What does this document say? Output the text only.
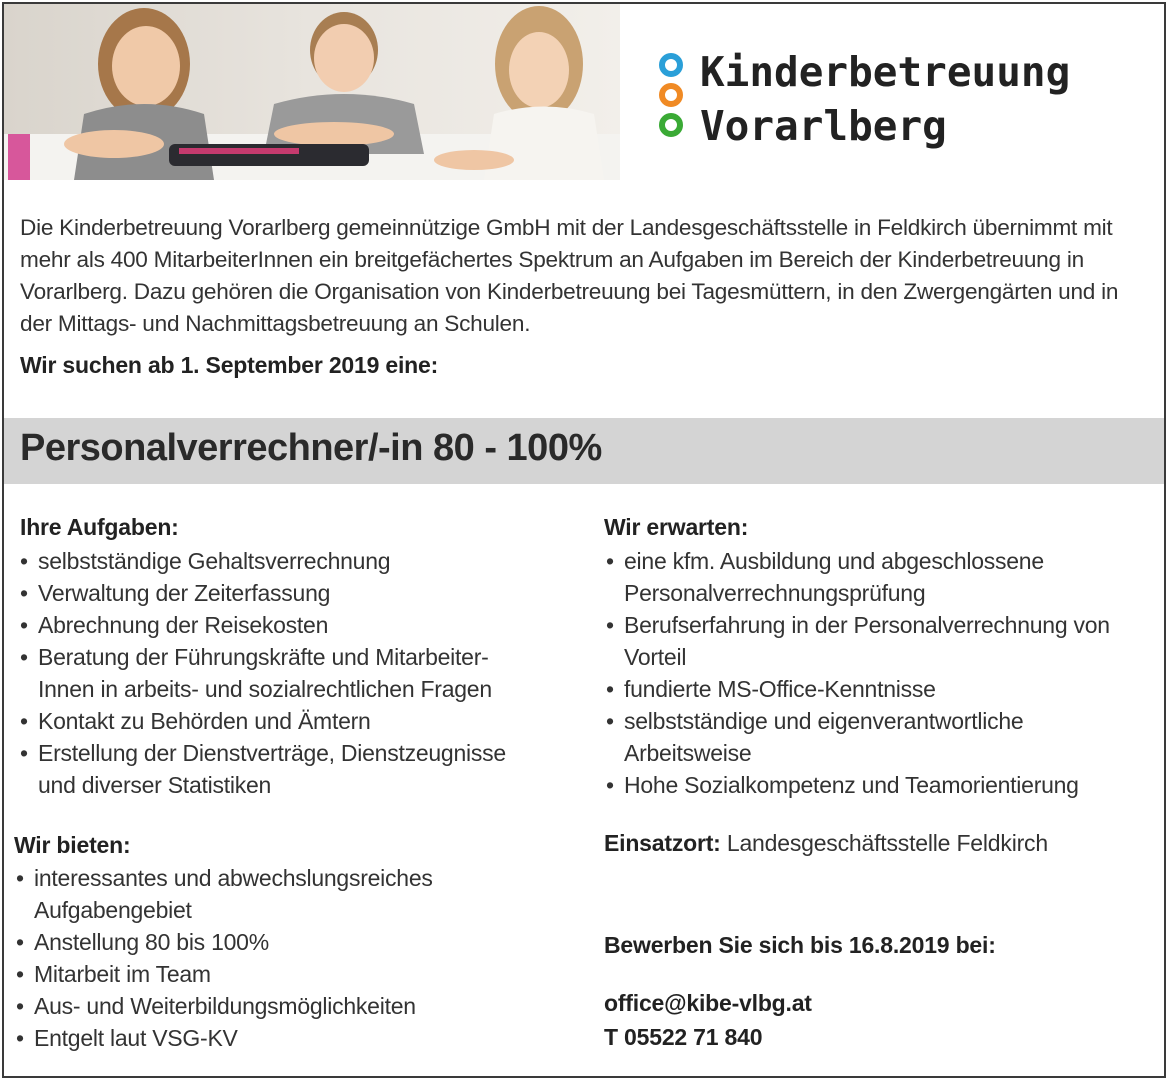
Kinderbetreuung
Vorarlberg

Die Kinderbetreuung Vorarlberg gemeinnützige GmbH mit der Landesgeschäftsstelle in Feldkirch übernimmt mit mehr als 400 MitarbeiterInnen ein breitgefächertes Spektrum an Aufgaben im Bereich der Kinderbetreuung in Vorarlberg. Dazu gehören die Organisation von Kinderbetreuung bei Tagesmüttern, in den Zwergengärten und in der Mittags- und Nachmittagsbetreuung an Schulen.

Wir suchen ab 1. September 2019 eine:
Personalverrechner/-in 80 - 100%
Ihre Aufgaben:
• selbstständige Gehaltsverrechnung
• Verwaltung der Zeiterfassung
• Abrechnung der Reisekosten
• Beratung der Führungskräfte und Mitarbeiter-Innen in arbeits- und sozialrechtlichen Fragen
• Kontakt zu Behörden und Ämtern
• Erstellung der Dienstverträge, Dienstzeugnisse und diverser Statistiken
Wir bieten:
• interessantes und abwechslungsreiches Aufgabengebiet
• Anstellung 80 bis 100%
• Mitarbeit im Team
• Aus- und Weiterbildungsmöglichkeiten
• Entgelt laut VSG-KV
Wir erwarten:
• eine kfm. Ausbildung und abgeschlossene Personalverrechnungsprüfung
• Berufserfahrung in der Personalverrechnung von Vorteil
• fundierte MS-Office-Kenntnisse
• selbstständige und eigenverantwortliche Arbeitsweise
• Hohe Sozialkompetenz und Teamorientierung
Einsatzort: Landesgeschäftsstelle Feldkirch
Bewerben Sie sich bis 16.8.2019 bei:
office@kibe-vlbg.at
T 05522 71 840
